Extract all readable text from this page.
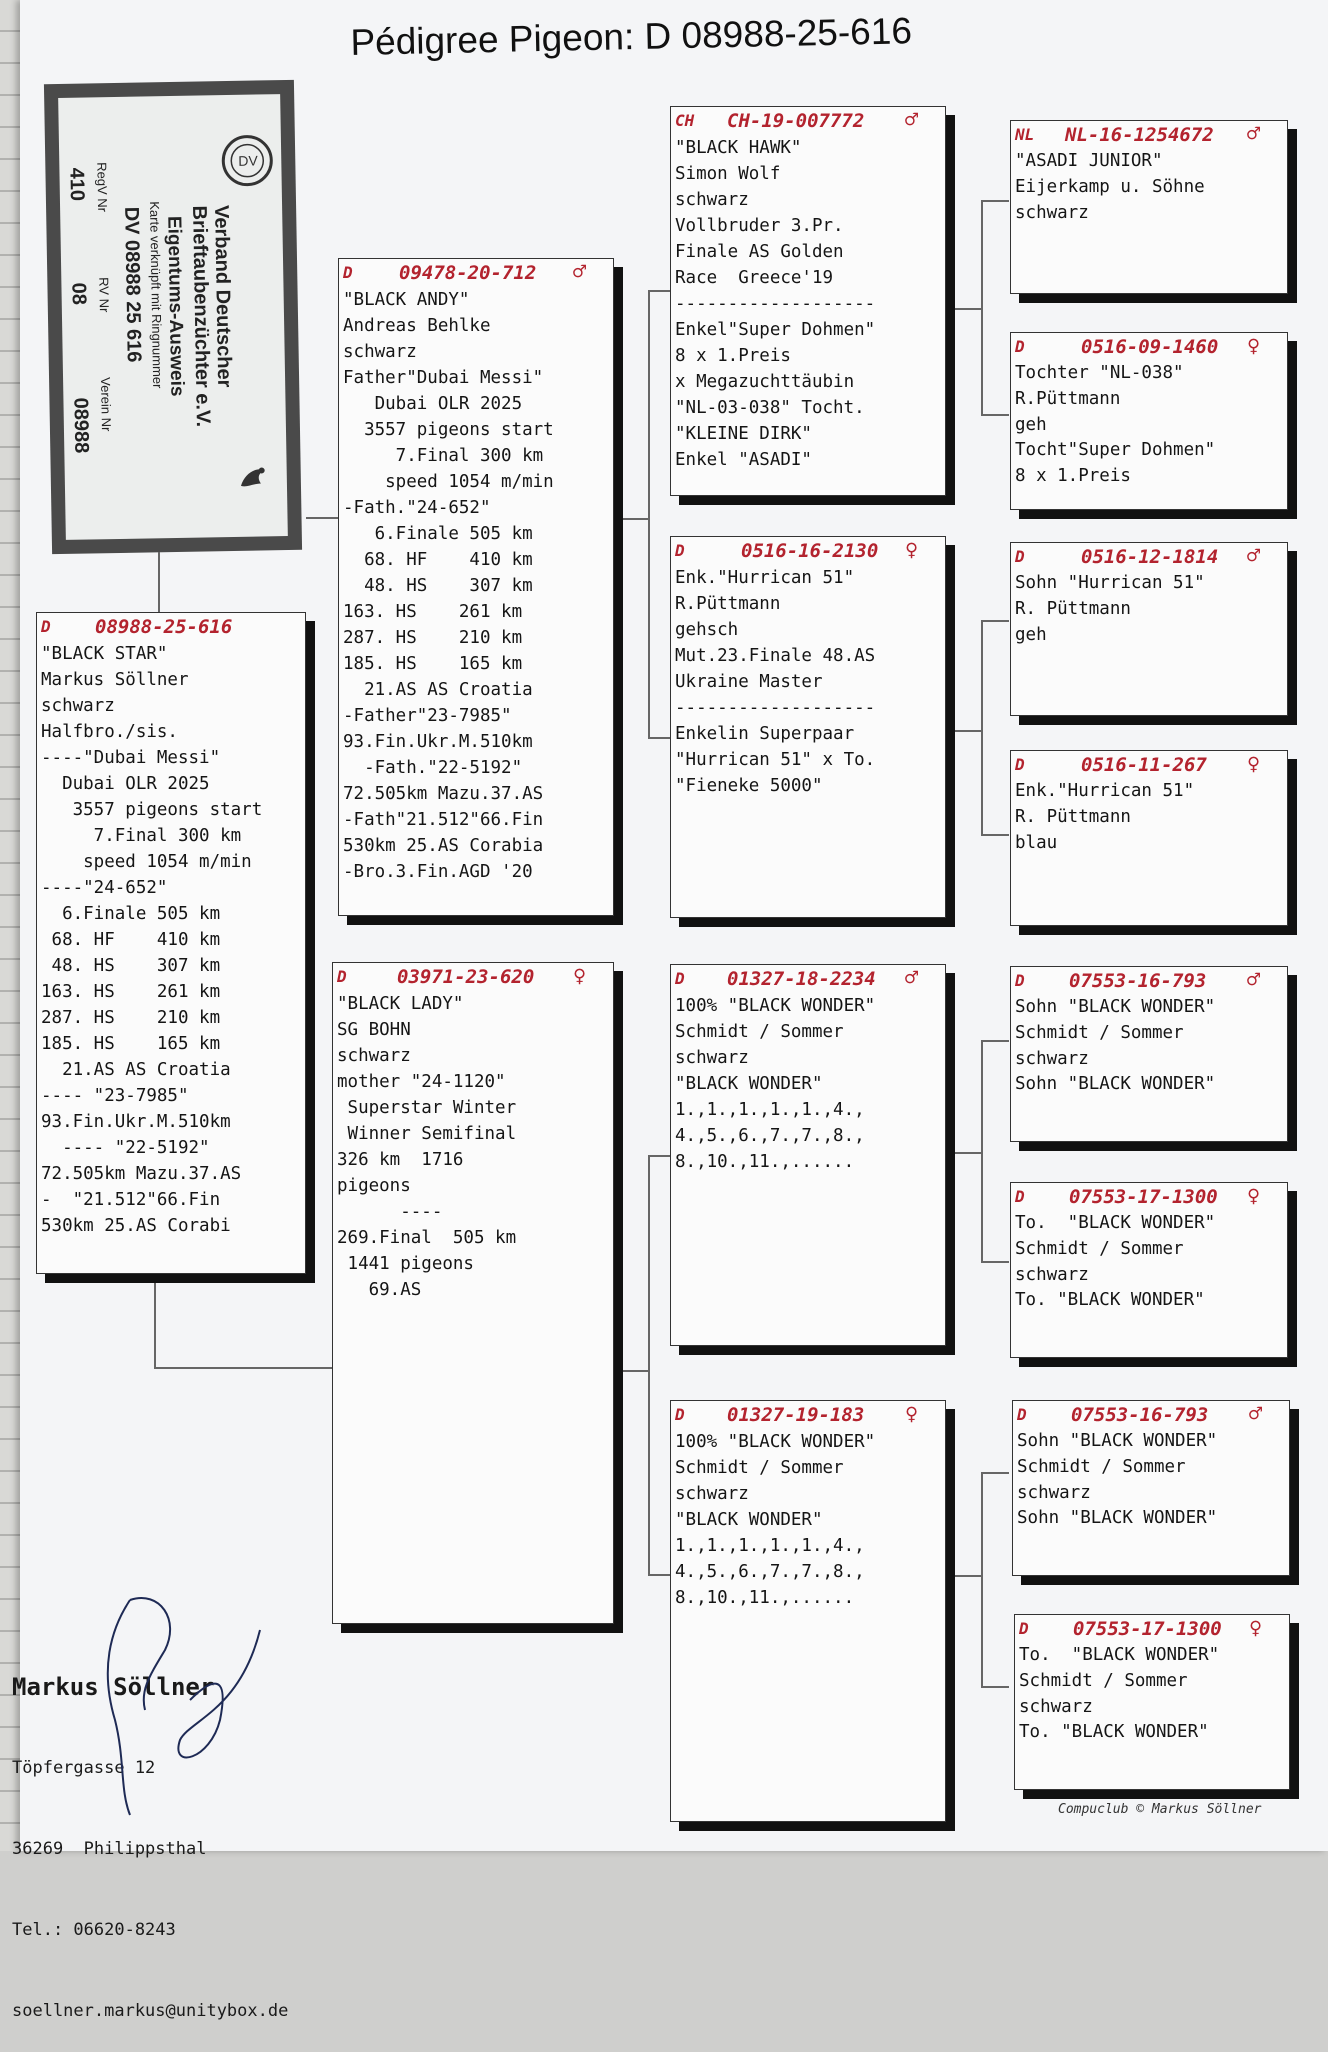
Pédigree Pigeon: D 08988-25-616
DV
Verband Deutscher
Brieftaubenzüchter e.V.
Eigentums-Ausweis
Karte verknüpft mit Ringnummer
DV 08988 25 616
RegV Nr
RV Nr
Verein Nr
410
08
08988
D 08988-25-616
"BLACK STAR"
Markus Söllner
schwarz
Halfbro./sis.
----"Dubai Messi"
Dubai OLR 2025
3557 pigeons start
7.Final 300 km
speed 1054 m/min
----"24-652"
6.Finale 505 km
68. HF    410 km
48. HS    307 km
163. HS    261 km
287. HS    210 km
185. HS    165 km
21.AS AS Croatia
---- "23-7985"
93.Fin.Ukr.M.510km
---- "22-5192"
72.505km Mazu.37.AS
-  "21.512"66.Fin
530km 25.AS Corabi
D 09478-20-712 ♂
"BLACK ANDY"
Andreas Behlke
schwarz
Father"Dubai Messi"
Dubai OLR 2025
3557 pigeons start
7.Final 300 km
speed 1054 m/min
-Fath."24-652"
6.Finale 505 km
68. HF    410 km
48. HS    307 km
163. HS    261 km
287. HS    210 km
185. HS    165 km
21.AS AS Croatia
-Father"23-7985"
93.Fin.Ukr.M.510km
-Fath."22-5192"
72.505km Mazu.37.AS
-Fath"21.512"66.Fin
530km 25.AS Corabia
-Bro.3.Fin.AGD '20
D	03971-23-620 ♀
"BLACK LADY"
SG BOHN
schwarz
mother "24-1120"
Superstar Winter
Winner Semifinal
326 km  1716
pigeons
----
269.Final  505 km
1441 pigeons
69.AS
CH CH-19-007772 ♂
"BLACK HAWK"
Simon Wolf
schwarz
Vollbruder 3.Pr.
Finale AS Golden
Race  Greece'19
-------------------
Enkel"Super Dohmen"
8 x 1.Preis
x Megazuchttäubin
"NL-03-038" Tocht.
"KLEINE DIRK"
Enkel "ASADI"
D	0516-16-2130 ♀
Enk."Hurrican 51"
R.Püttmann
gehsch
Mut.23.Finale 48.AS
Ukraine Master
-------------------
Enkelin Superpaar
"Hurrican 51" x To.
"Fieneke 5000"
D 01327-18-2234 ♂
100% "BLACK WONDER"
Schmidt / Sommer
schwarz
"BLACK WONDER"
1.,1.,1.,1.,1.,4.,
4.,5.,6.,7.,7.,8.,
8.,10.,11.,......
D 01327-19-183 ♀
100% "BLACK WONDER"
Schmidt / Sommer
schwarz
"BLACK WONDER"
1.,1.,1.,1.,1.,4.,
4.,5.,6.,7.,7.,8.,
8.,10.,11.,......
NL NL-16-1254672 ♂
"ASADI JUNIOR"
Eijerkamp u. Söhne
schwarz
D	0516-09-1460 ♀
Tochter "NL-038"
R.Püttmann
geh
Tocht"Super Dohmen"
8 x 1.Preis
D	0516-12-1814 ♂
Sohn "Hurrican 51"
R. Püttmann
geh
D	0516-11-267 ♀
Enk."Hurrican 51"
R. Püttmann
blau
D 07553-16-793 ♂
Sohn "BLACK WONDER"
Schmidt / Sommer
schwarz
Sohn "BLACK WONDER"
D 07553-17-1300 ♀
To.  "BLACK WONDER"
Schmidt / Sommer
schwarz
To. "BLACK WONDER"
D 07553-16-793 ♂
Sohn "BLACK WONDER"
Schmidt / Sommer
schwarz
Sohn "BLACK WONDER"
D 07553-17-1300 ♀
To.  "BLACK WONDER"
Schmidt / Sommer
schwarz
To. "BLACK WONDER"

Markus Söllner

Töpfergasse 12

36269  Philippsthal

Tel.: 06620-8243

soellner.markus@unitybox.de

Compuclub © Markus Söllner
